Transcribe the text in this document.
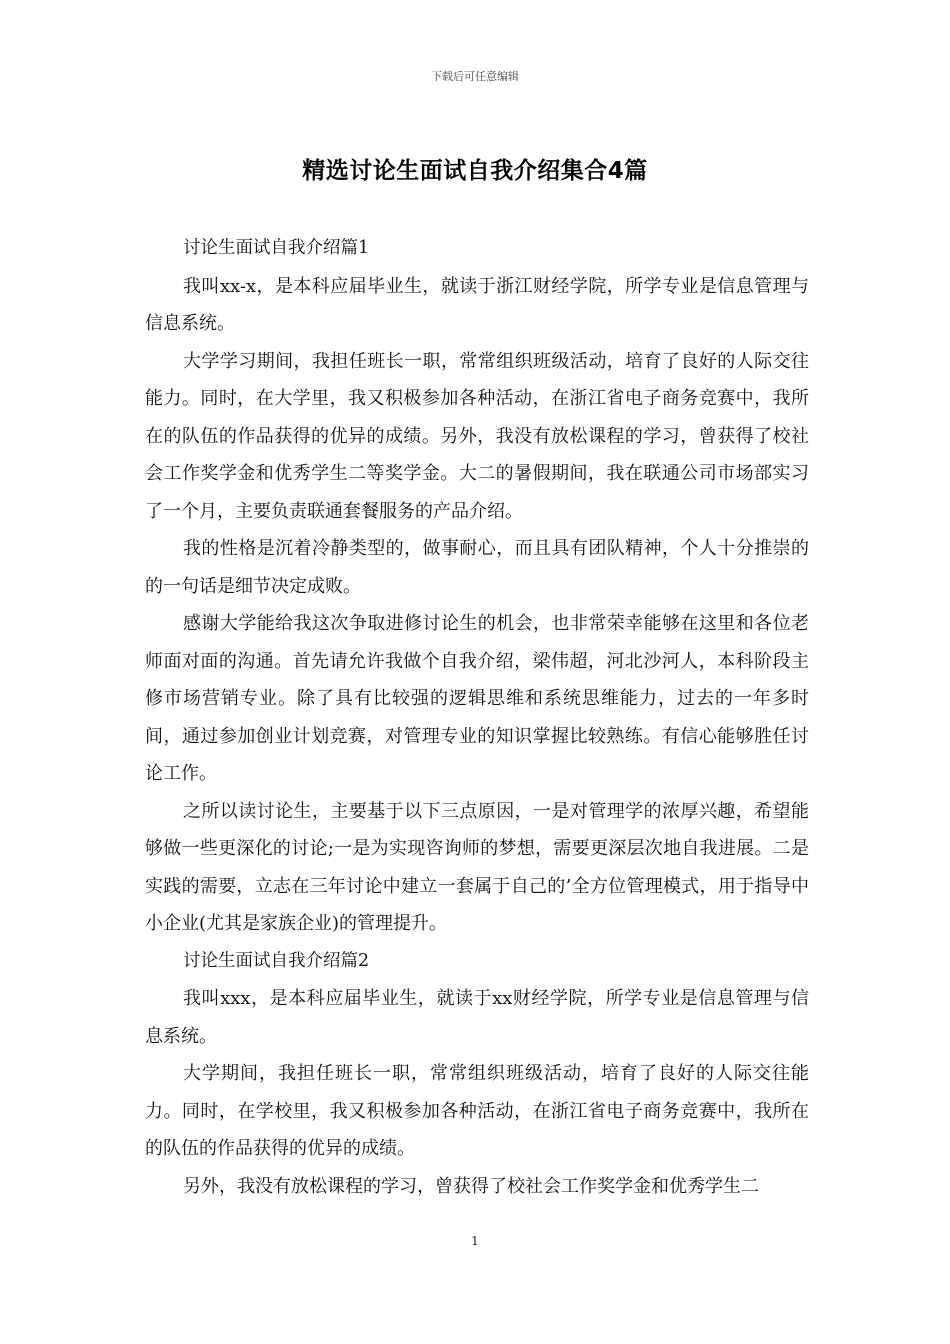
下载后可任意编辑
精选讨论生面试自我介绍集合4篇

讨论生面试自我介绍篇1

我叫xx-x，是本科应届毕业生，就读于浙江财经学院，所学专业是信息管理与信息系统。

大学学习期间，我担任班长一职，常常组织班级活动，培育了良好的人际交往能力。同时，在大学里，我又积极参加各种活动，在浙江省电子商务竞赛中，我所在的队伍的作品获得的优异的成绩。另外，我没有放松课程的学习，曾获得了校社会工作奖学金和优秀学生二等奖学金。大二的暑假期间，我在联通公司市场部实习了一个月，主要负责联通套餐服务的产品介绍。

我的性格是沉着冷静类型的，做事耐心，而且具有团队精神，个人十分推崇的的一句话是细节决定成败。

感谢大学能给我这次争取进修讨论生的机会，也非常荣幸能够在这里和各位老师面对面的沟通。首先请允许我做个自我介绍，梁伟超，河北沙河人，本科阶段主修市场营销专业。除了具有比较强的逻辑思维和系统思维能力，过去的一年多时间，通过参加创业计划竞赛，对管理专业的知识掌握比较熟练。有信心能够胜任讨论工作。

之所以读讨论生，主要基于以下三点原因，一是对管理学的浓厚兴趣，希望能够做一些更深化的讨论;一是为实现咨询师的梦想，需要更深层次地自我进展。二是实践的需要，立志在三年讨论中建立一套属于自己的’全方位管理模式，用于指导中小企业(尤其是家族企业)的管理提升。

讨论生面试自我介绍篇2

我叫xxx，是本科应届毕业生，就读于xx财经学院，所学专业是信息管理与信息系统。

大学期间，我担任班长一职，常常组织班级活动，培育了良好的人际交往能力。同时，在学校里，我又积极参加各种活动，在浙江省电子商务竞赛中，我所在的队伍的作品获得的优异的成绩。

另外，我没有放松课程的学习，曾获得了校社会工作奖学金和优秀学生二

1
